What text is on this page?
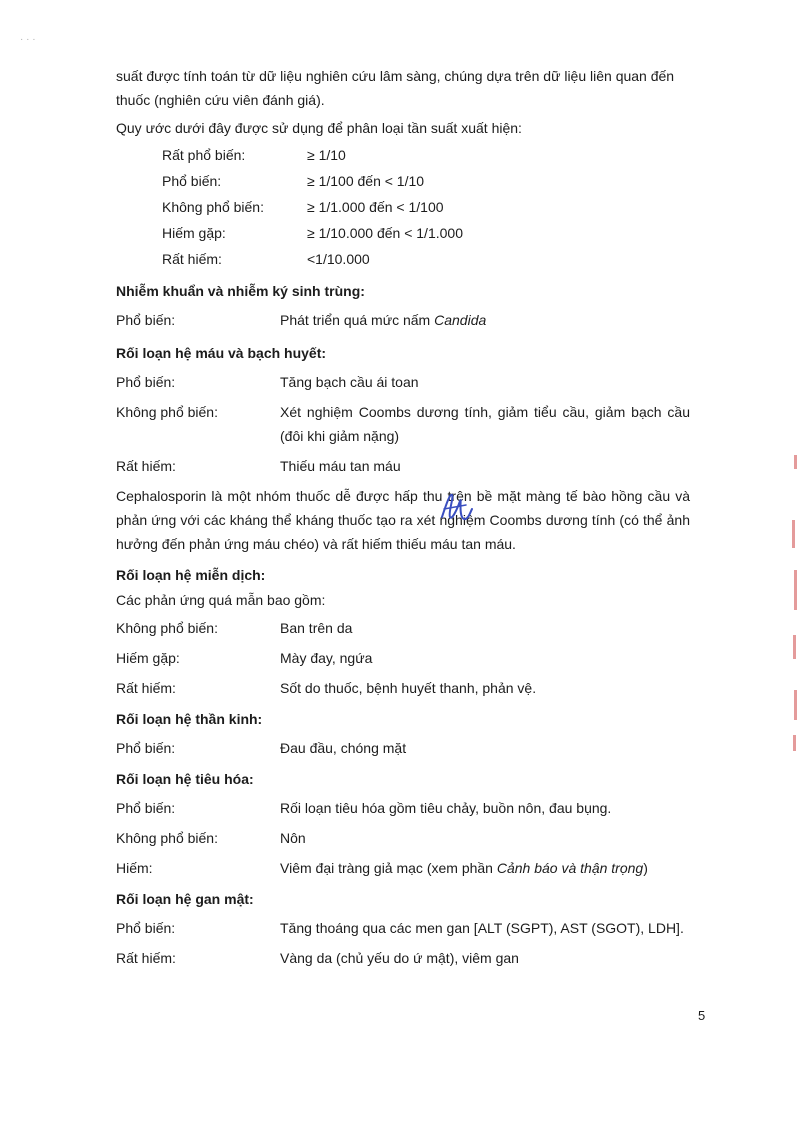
· · ·

suất được tính toán từ dữ liệu nghiên cứu lâm sàng, chúng dựa trên dữ liệu liên quan đến

thuốc (nghiên cứu viên đánh giá).

Quy ước dưới đây được sử dụng để phân loại tần suất xuất hiện:

Rất phổ biến:	≥ 1/10
Phổ biến:	≥ 1/100 đến < 1/10
Không phổ biến:	≥ 1/1.000 đến < 1/100
Hiếm gặp:	≥ 1/10.000 đến < 1/1.000
Rất hiếm:	<1/10.000

Nhiễm khuẩn và nhiễm ký sinh trùng:

Phổ biến:	Phát triển quá mức nấm Candida

Rối loạn hệ máu và bạch huyết:

Phổ biến:	Tăng bạch cầu ái toan
Không phổ biến:	Xét nghiệm Coombs dương tính, giảm tiểu cầu, giảm bạch cầu (đôi khi giảm nặng)
Rất hiếm:	Thiếu máu tan máu

Cephalosporin là một nhóm thuốc dễ được hấp thu trên bề mặt màng tế bào hồng cầu và phản ứng với các kháng thể kháng thuốc tạo ra xét nghiệm Coombs dương tính (có thể ảnh hưởng đến phản ứng máu chéo) và rất hiếm thiếu máu tan máu.

Rối loạn hệ miễn dịch:

Các phản ứng quá mẫn bao gồm:

Không phổ biến:	Ban trên da
Hiếm gặp:	Mày đay, ngứa
Rất hiếm:	Sốt do thuốc, bệnh huyết thanh, phản vệ.

Rối loạn hệ thần kinh:

Phổ biến:	Đau đầu, chóng mặt

Rối loạn hệ tiêu hóa:

Phổ biến:	Rối loạn tiêu hóa gồm tiêu chảy, buồn nôn, đau bụng.
Không phổ biến:	Nôn
Hiếm:	Viêm đại tràng giả mạc (xem phần Cảnh báo và thận trọng)

Rối loạn hệ gan mật:

Phổ biến:	Tăng thoáng qua các men gan [ALT (SGPT), AST (SGOT), LDH].
Rất hiếm:	Vàng da (chủ yếu do ứ mật), viêm gan
5
